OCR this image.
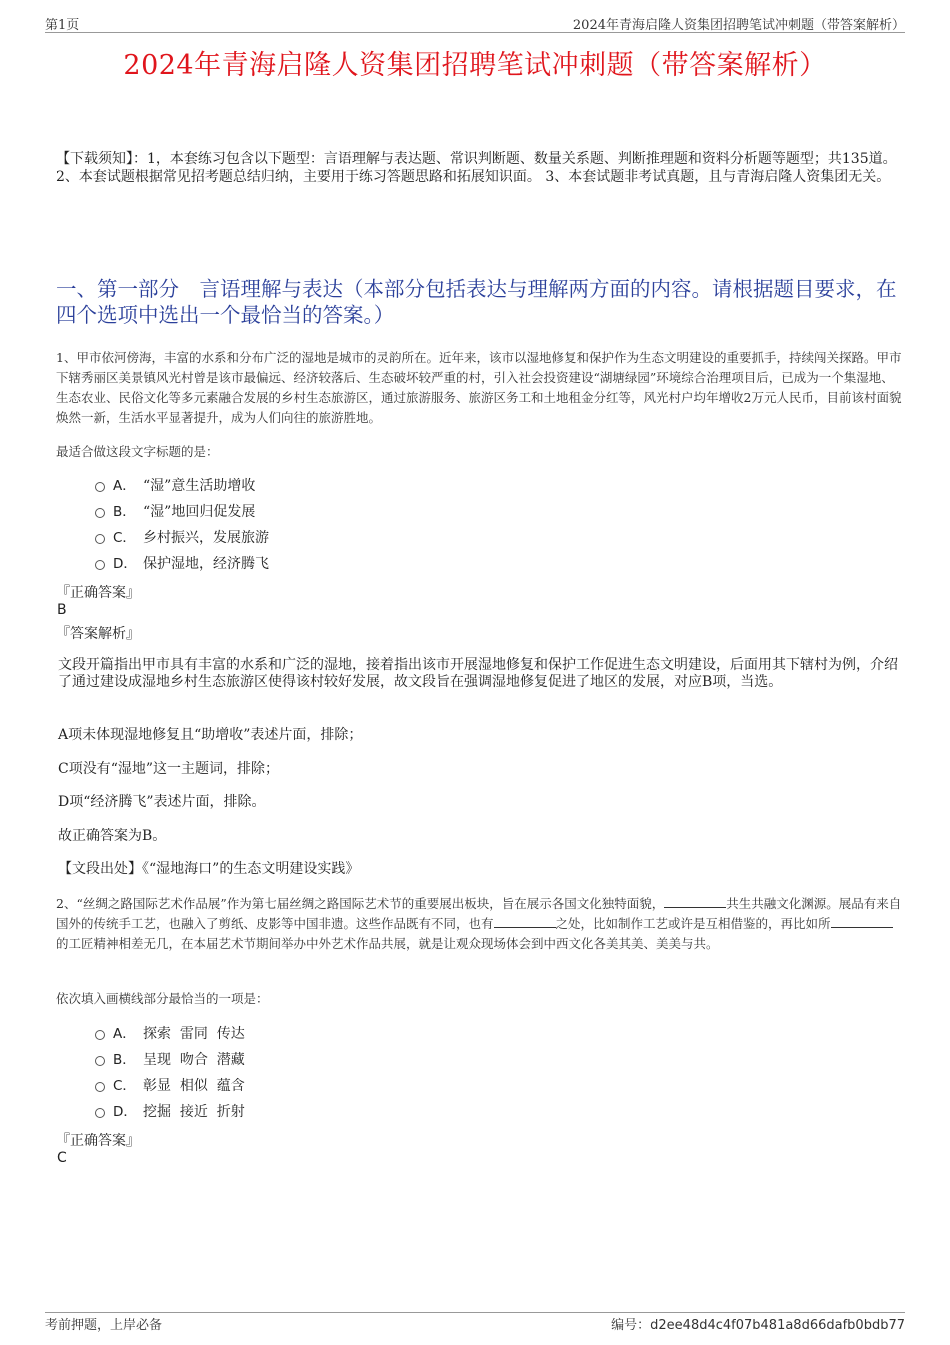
第1页	2024年青海启隆人资集团招聘笔试冲刺题（带答案解析）
2024年青海启隆人资集团招聘笔试冲刺题（带答案解析）
【下载须知】：1，本套练习包含以下题型：言语理解与表达题、常识判断题、数量关系题、判断推理题和资料分析题等题型；共135道。 2、本套试题根据常见招考题总结归纳，主要用于练习答题思路和拓展知识面。 3、本套试题非考试真题，且与青海启隆人资集团无关。
一、第一部分　言语理解与表达（本部分包括表达与理解两方面的内容。请根据题目要求，在四个选项中选出一个最恰当的答案。）
1、甲市依河傍海，丰富的水系和分布广泛的湿地是城市的灵韵所在。近年来，该市以湿地修复和保护作为生态文明建设的重要抓手，持续闯关探路。甲市下辖秀丽区美景镇风光村曾是该市最偏远、经济较落后、生态破坏较严重的村，引入社会投资建设“湖塘绿园”环境综合治理项目后，已成为一个集湿地、生态农业、民俗文化等多元素融合发展的乡村生态旅游区，通过旅游服务、旅游区务工和土地租金分红等，风光村户均年增收2万元人民币，目前该村面貌焕然一新，生活水平显著提升，成为人们向往的旅游胜地。
最适合做这段文字标题的是：
A． “湿”意生活助增收
B． “湿”地回归促发展
C． 乡村振兴，发展旅游
D． 保护湿地，经济腾飞
『正确答案』
B
『答案解析』
文段开篇指出甲市具有丰富的水系和广泛的湿地，接着指出该市开展湿地修复和保护工作促进生态文明建设，后面用其下辖村为例，介绍了通过建设成湿地乡村生态旅游区使得该村较好发展，故文段旨在强调湿地修复促进了地区的发展，对应B项，当选。
A项未体现湿地修复且“助增收”表述片面，排除；
C项没有“湿地”这一主题词，排除；
D项“经济腾飞”表述片面，排除。
故正确答案为B。
【文段出处】《“湿地海口”的生态文明建设实践》
2、“丝绸之路国际艺术作品展”作为第七届丝绸之路国际艺术节的重要展出板块，旨在展示各国文化独特面貌，	共生共融文化渊源。展品有来自国外的传统手工艺，也融入了剪纸、皮影等中国非遗。这些作品既有不同，也有	之处，比如制作工艺或许是互相借鉴的，再比如所的工匠精神相差无几，在本届艺术节期间举办中外艺术作品共展，就是让观众现场体会到中西文化各美其美、美美与共。
依次填入画横线部分最恰当的一项是：
A． 探索  雷同  传达
B． 呈现  吻合  潜藏
C． 彰显  相似  蕴含
D． 挖掘  接近  折射
『正确答案』
C
考前押题，上岸必备	编号：d2ee48d4c4f07b481a8d66dafb0bdb77
